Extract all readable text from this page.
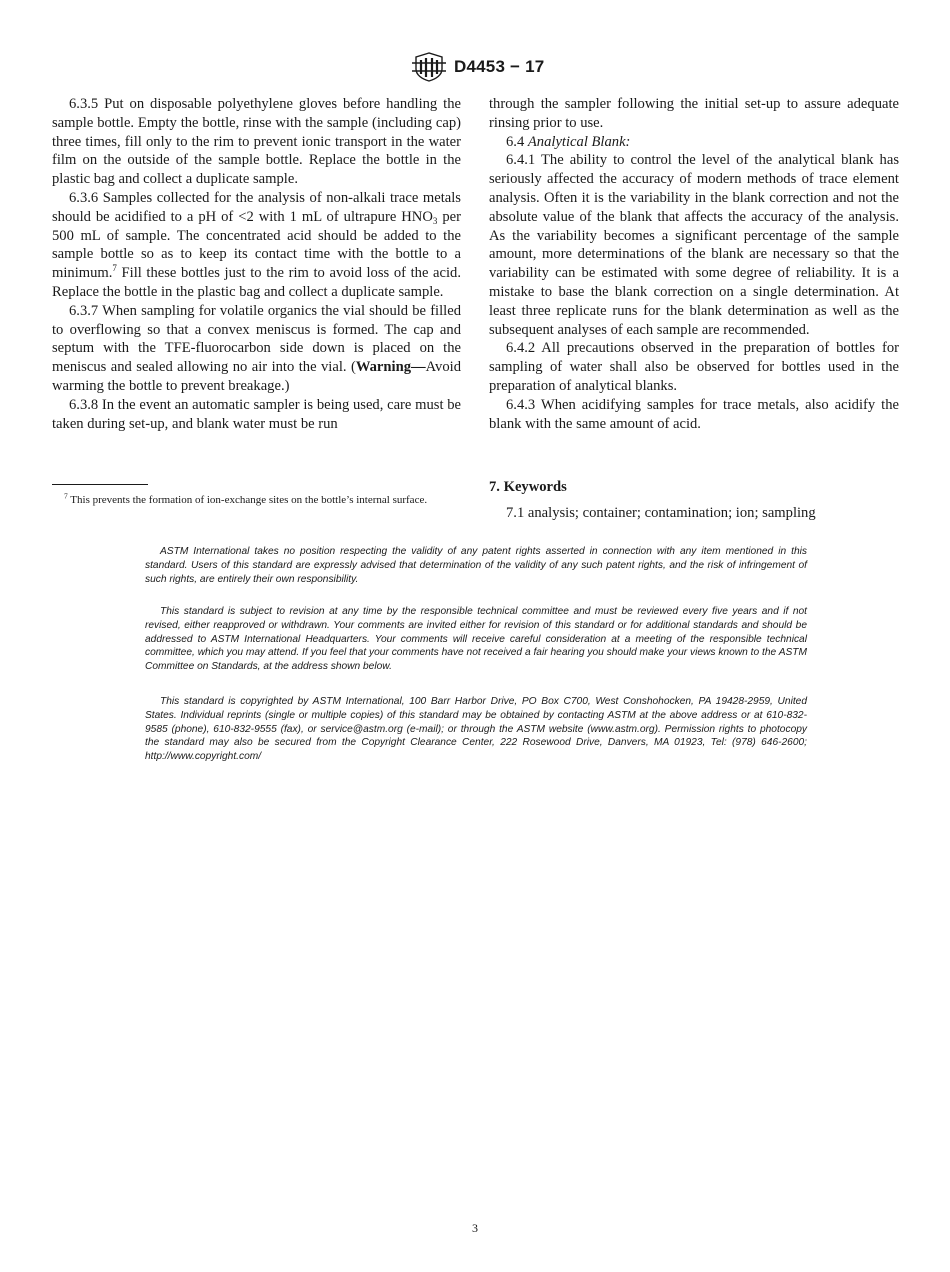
D4453 − 17

6.3.5 Put on disposable polyethylene gloves before handling the sample bottle. Empty the bottle, rinse with the sample (including cap) three times, fill only to the rim to prevent ionic transport in the water film on the outside of the sample bottle. Replace the bottle in the plastic bag and collect a duplicate sample.

6.3.6 Samples collected for the analysis of non-alkali trace metals should be acidified to a pH of <2 with 1 mL of ultrapure $HNO_3$ per 500 mL of sample. The concentrated acid should be added to the sample bottle so as to keep its contact time with the bottle to a minimum.$^7$ Fill these bottles just to the rim to avoid loss of the acid. Replace the bottle in the plastic bag and collect a duplicate sample.

6.3.7 When sampling for volatile organics the vial should be filled to overflowing so that a convex meniscus is formed. The cap and septum with the TFE-fluorocarbon side down is placed on the meniscus and sealed allowing no air into the vial. (Warning—Avoid warming the bottle to prevent breakage.)

6.3.8 In the event an automatic sampler is being used, care must be taken during set-up, and blank water must be run

$^7$ This prevents the formation of ion-exchange sites on the bottle’s internal surface.

through the sampler following the initial set-up to assure adequate rinsing prior to use.

6.4 Analytical Blank:

6.4.1 The ability to control the level of the analytical blank has seriously affected the accuracy of modern methods of trace element analysis. Often it is the variability in the blank correction and not the absolute value of the blank that affects the accuracy of the analysis. As the variability becomes a significant percentage of the sample amount, more determinations of the blank are necessary so that the variability can be estimated with some degree of reliability. It is a mistake to base the blank correction on a single determination. At least three replicate runs for the blank determination as well as the subsequent analyses of each sample are recommended.

6.4.2 All precautions observed in the preparation of bottles for sampling of water shall also be observed for bottles used in the preparation of analytical blanks.

6.4.3 When acidifying samples for trace metals, also acidify the blank with the same amount of acid.

7. Keywords
7.1 analysis; container; contamination; ion; sampling

ASTM International takes no position respecting the validity of any patent rights asserted in connection with any item mentioned in this standard. Users of this standard are expressly advised that determination of the validity of any such patent rights, and the risk of infringement of such rights, are entirely their own responsibility.

This standard is subject to revision at any time by the responsible technical committee and must be reviewed every five years and if not revised, either reapproved or withdrawn. Your comments are invited either for revision of this standard or for additional standards and should be addressed to ASTM International Headquarters. Your comments will receive careful consideration at a meeting of the responsible technical committee, which you may attend. If you feel that your comments have not received a fair hearing you should make your views known to the ASTM Committee on Standards, at the address shown below.

This standard is copyrighted by ASTM International, 100 Barr Harbor Drive, PO Box C700, West Conshohocken, PA 19428-2959, United States. Individual reprints (single or multiple copies) of this standard may be obtained by contacting ASTM at the above address or at 610-832-9585 (phone), 610-832-9555 (fax), or service@astm.org (e-mail); or through the ASTM website (www.astm.org). Permission rights to photocopy the standard may also be secured from the Copyright Clearance Center, 222 Rosewood Drive, Danvers, MA 01923, Tel: (978) 646-2600; http://www.copyright.com/

3
